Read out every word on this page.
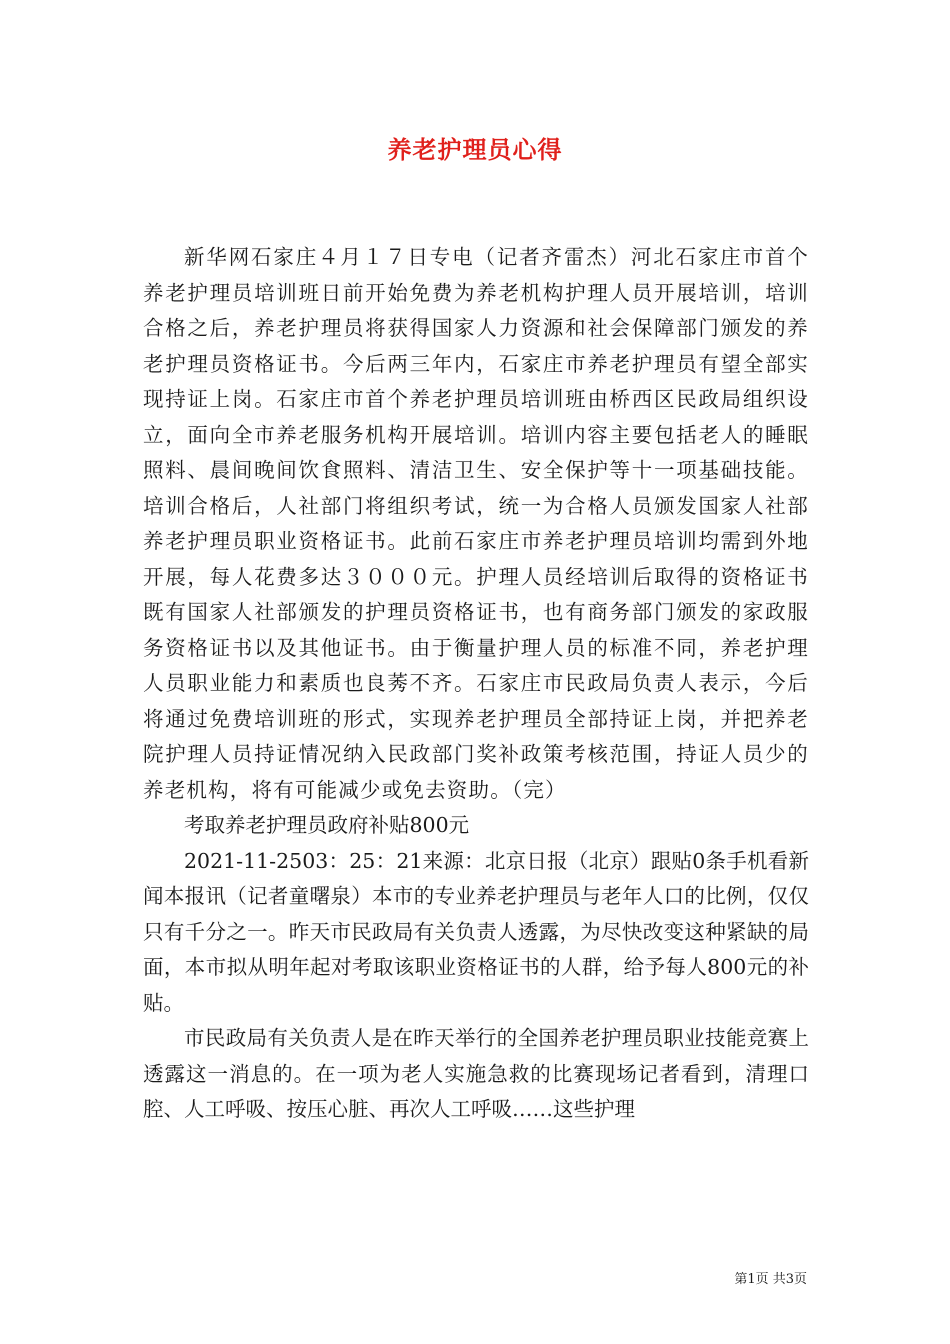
养老护理员心得

新华网石家庄４月１７日专电（记者齐雷杰）河北石家庄市首个养老护理员培训班日前开始免费为养老机构护理人员开展培训，培训合格之后，养老护理员将获得国家人力资源和社会保障部门颁发的养老护理员资格证书。今后两三年内，石家庄市养老护理员有望全部实现持证上岗。石家庄市首个养老护理员培训班由桥西区民政局组织设立，面向全市养老服务机构开展培训。培训内容主要包括老人的睡眠照料、晨间晚间饮食照料、清洁卫生、安全保护等十一项基础技能。培训合格后，人社部门将组织考试，统一为合格人员颁发国家人社部养老护理员职业资格证书。此前石家庄市养老护理员培训均需到外地开展，每人花费多达３０００元。护理人员经培训后取得的资格证书既有国家人社部颁发的护理员资格证书，也有商务部门颁发的家政服务资格证书以及其他证书。由于衡量护理人员的标准不同，养老护理人员职业能力和素质也良莠不齐。石家庄市民政局负责人表示，今后将通过免费培训班的形式，实现养老护理员全部持证上岗，并把养老院护理人员持证情况纳入民政部门奖补政策考核范围，持证人员少的养老机构，将有可能减少或免去资助。（完）

考取养老护理员政府补贴800元

2021-11-2503：25：21来源：北京日报（北京）跟贴0条手机看新闻本报讯（记者童曙泉）本市的专业养老护理员与老年人口的比例，仅仅只有千分之一。昨天市民政局有关负责人透露，为尽快改变这种紧缺的局面，本市拟从明年起对考取该职业资格证书的人群，给予每人800元的补贴。

市民政局有关负责人是在昨天举行的全国养老护理员职业技能竞赛上透露这一消息的。在一项为老人实施急救的比赛现场记者看到，清理口腔、人工呼吸、按压心脏、再次人工呼吸……这些护理

第1页 共3页
